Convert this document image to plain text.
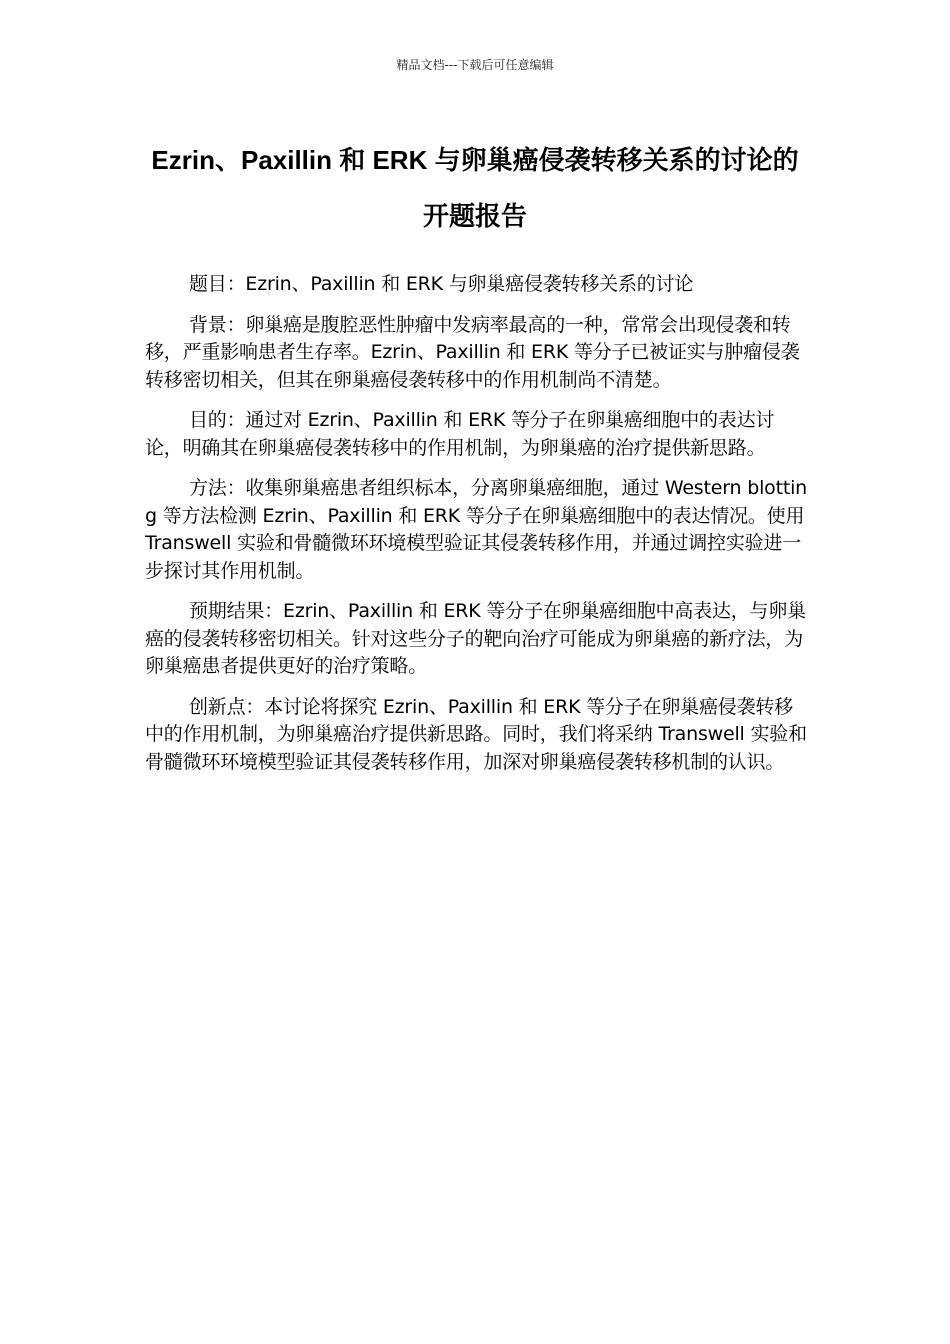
精品文档---下载后可任意编辑
Ezrin、Paxillin 和 ERK 与卵巢癌侵袭转移关系的讨论的开题报告

题目：Ezrin、Paxillin 和 ERK 与卵巢癌侵袭转移关系的讨论

背景：卵巢癌是腹腔恶性肿瘤中发病率最高的一种，常常会出现侵袭和转移，严重影响患者生存率。Ezrin、Paxillin 和 ERK 等分子已被证实与肿瘤侵袭转移密切相关，但其在卵巢癌侵袭转移中的作用机制尚不清楚。

目的：通过对 Ezrin、Paxillin 和 ERK 等分子在卵巢癌细胞中的表达讨论，明确其在卵巢癌侵袭转移中的作用机制，为卵巢癌的治疗提供新思路。

方法：收集卵巢癌患者组织标本，分离卵巢癌细胞，通过 Western blotting 等方法检测 Ezrin、Paxillin 和 ERK 等分子在卵巢癌细胞中的表达情况。使用 Transwell 实验和骨髓微环环境模型验证其侵袭转移作用，并通过调控实验进一步探讨其作用机制。

预期结果：Ezrin、Paxillin 和 ERK 等分子在卵巢癌细胞中高表达，与卵巢癌的侵袭转移密切相关。针对这些分子的靶向治疗可能成为卵巢癌的新疗法，为卵巢癌患者提供更好的治疗策略。

创新点：本讨论将探究 Ezrin、Paxillin 和 ERK 等分子在卵巢癌侵袭转移中的作用机制，为卵巢癌治疗提供新思路。同时，我们将采纳 Transwell 实验和骨髓微环环境模型验证其侵袭转移作用，加深对卵巢癌侵袭转移机制的认识。
